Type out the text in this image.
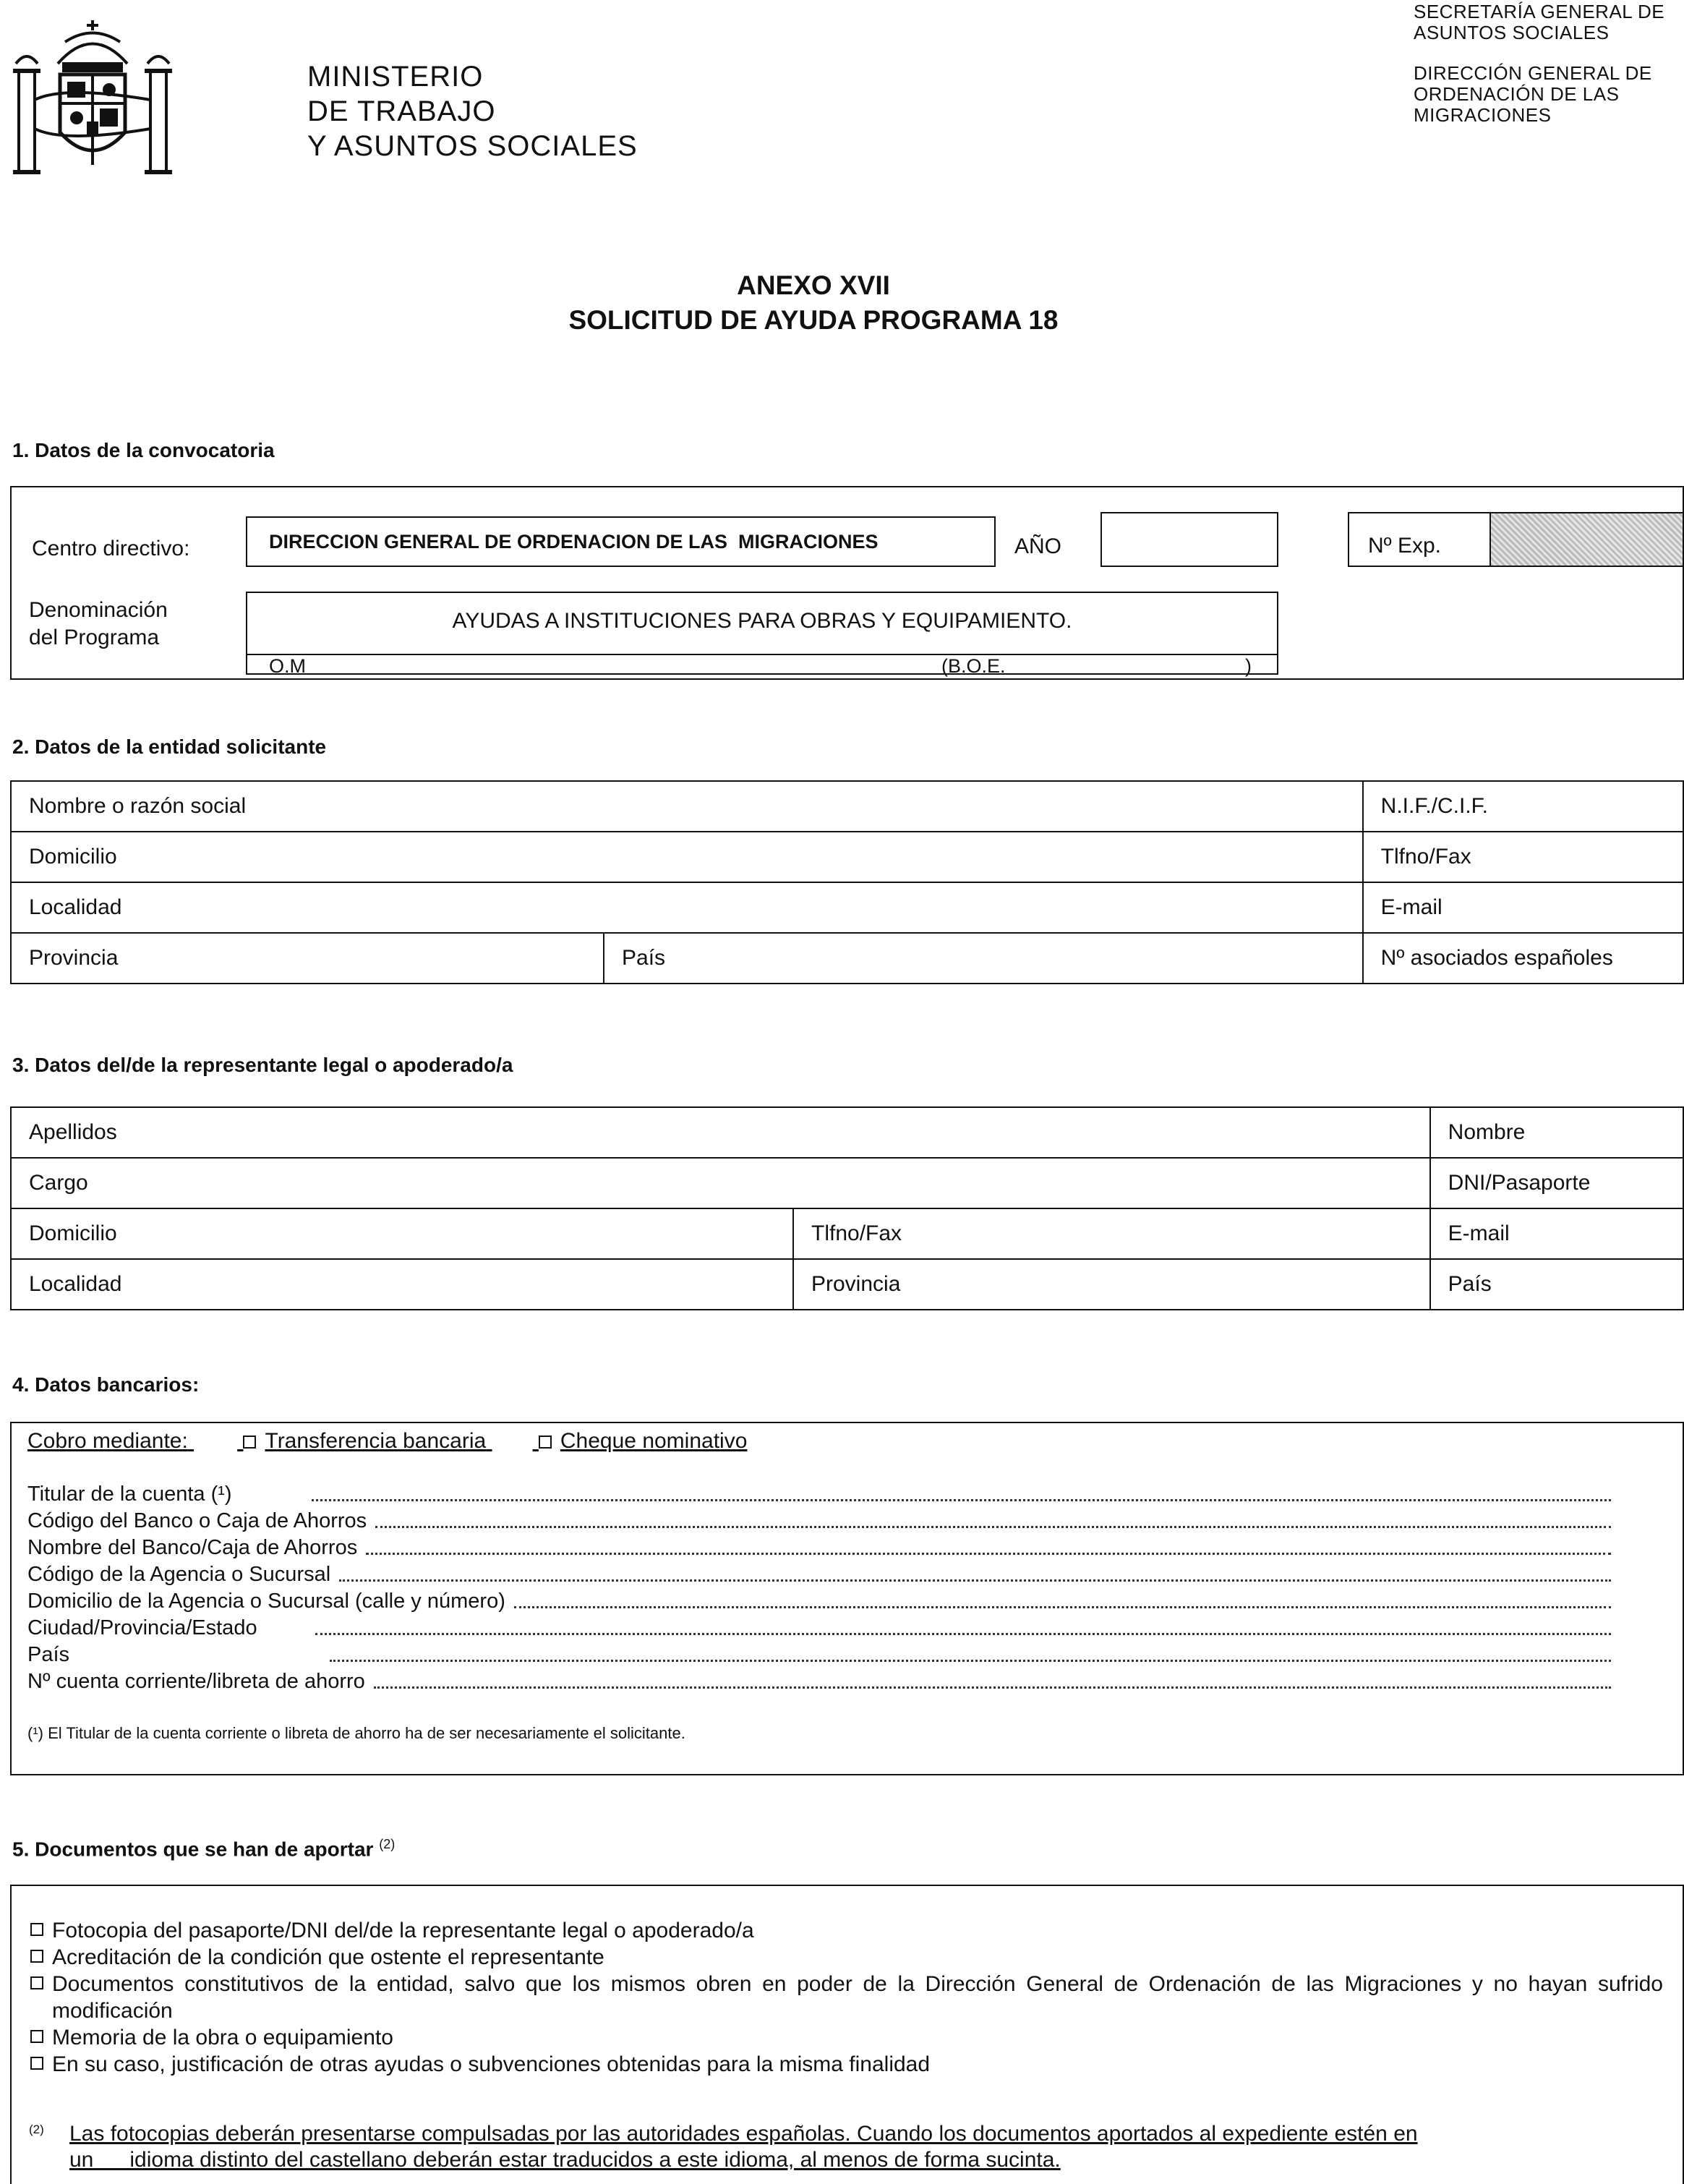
MINISTERIO
DE TRABAJO
Y ASUNTOS SOCIALES
SECRETARÍA GENERAL DE
ASUNTOS SOCIALES
DIRECCIÓN GENERAL DE
ORDENACIÓN DE LAS
MIGRACIONES
ANEXO XVII
SOLICITUD DE AYUDA PROGRAMA 18
1. Datos de la convocatoria
Centro directivo:	DIRECCION GENERAL DE ORDENACION DE LAS  MIGRACIONES	AÑO	Nº Exp.
Denominación
del Programa
AYUDAS A INSTITUCIONES PARA OBRAS Y EQUIPAMIENTO.
O.M	(B.O.E.	)
2. Datos de la entidad solicitante
Nombre o razón social		N.I.F./C.I.F.
Domicilio		Tlfno/Fax
Localidad		E-mail
Provincia	País	Nº asociados españoles
3. Datos del/de la representante legal o apoderado/a
Apellidos		Nombre
Cargo		DNI/Pasaporte
Domicilio	Tlfno/Fax	E-mail
Localidad	Provincia	País
4. Datos bancarios:
Cobro mediante:	Transferencia bancaria	Cheque nominativo
Titular de la cuenta (¹)
Código del Banco o Caja de Ahorros
Nombre del Banco/Caja de Ahorros
Código de la Agencia o Sucursal
Domicilio de la Agencia o Sucursal (calle y número)
Ciudad/Provincia/Estado
País
Nº cuenta corriente/libreta de ahorro
(¹) El Titular de la cuenta corriente o libreta de ahorro ha de ser necesariamente el solicitante.
5. Documentos que se han de aportar $^{(2)}$
Fotocopia del pasaporte/DNI del/de la representante legal o apoderado/a
Acreditación de la condición que ostente el representante
Documentos constitutivos de la entidad, salvo que los mismos obren en poder de la Dirección General de Ordenación de las Migraciones y no hayan sufrido modificación
Memoria de la obra o equipamiento
En su caso, justificación de otras ayudas o subvenciones obtenidas para la misma finalidad
(2)	Las fotocopias deberán presentarse compulsadas por las autoridades españolas. Cuando los documentos aportados al expediente estén en
un      idioma distinto del castellano deberán estar traducidos a este idioma, al menos de forma sucinta.
